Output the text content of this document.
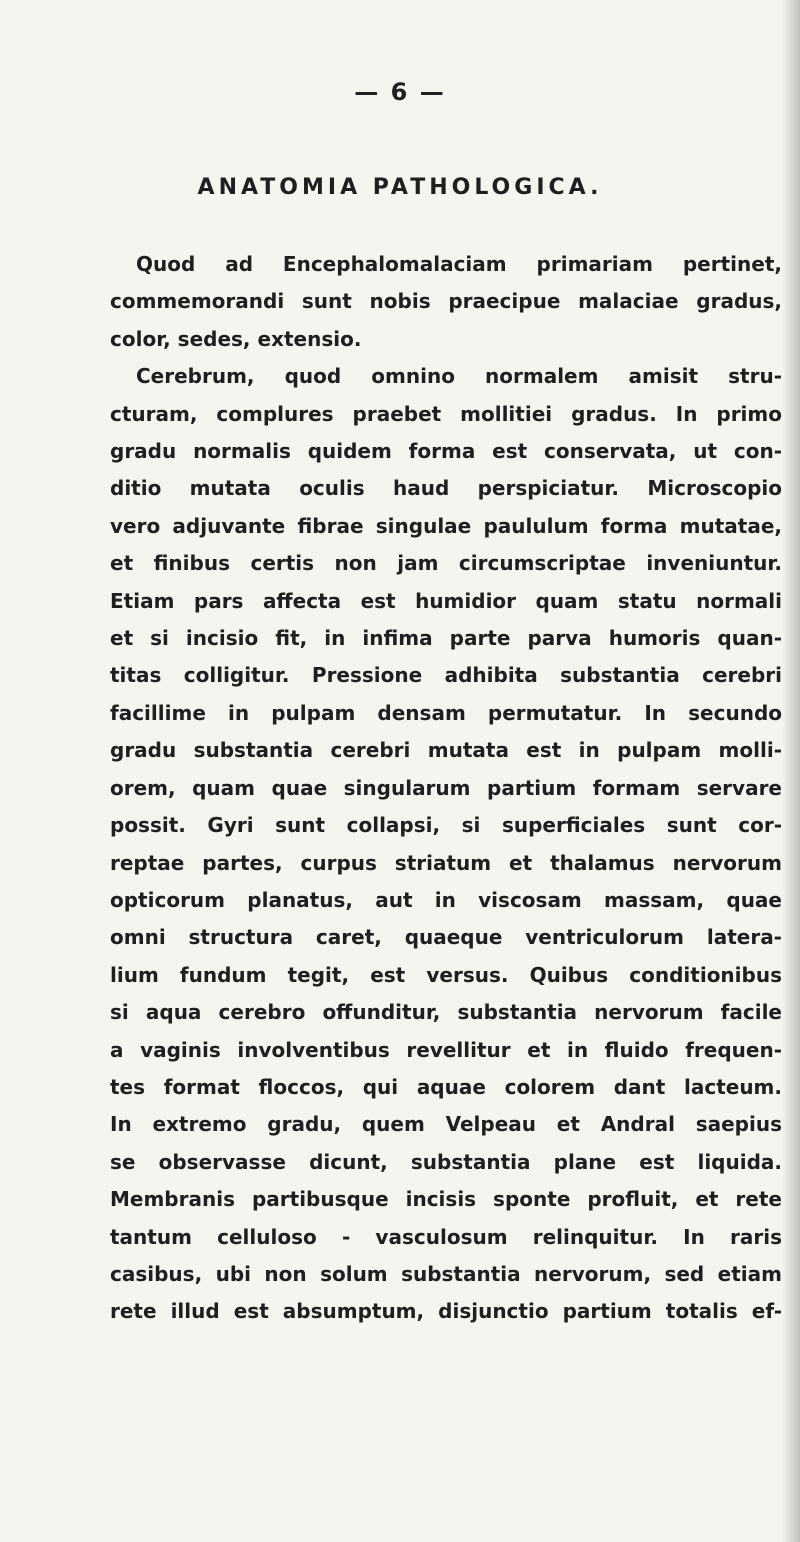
— 6 —
ANATOMIA PATHOLOGICA.
Quod ad Encephalomalaciam primariam pertinet,
commemorandi sunt nobis praecipue malaciae gradus,
color, sedes, extensio.
Cerebrum, quod omnino normalem amisit stru-
cturam, complures praebet mollitiei gradus. In primo
gradu normalis quidem forma est conservata, ut con-
ditio mutata oculis haud perspiciatur. Microscopio
vero adjuvante fibrae singulae paululum forma mutatae,
et finibus certis non jam circumscriptae inveniuntur.
Etiam pars affecta est humidior quam statu normali
et si incisio fit, in infima parte parva humoris quan-
titas colligitur. Pressione adhibita substantia cerebri
facillime in pulpam densam permutatur. In secundo
gradu substantia cerebri mutata est in pulpam molli-
orem, quam quae singularum partium formam servare
possit. Gyri sunt collapsi, si superficiales sunt cor-
reptae partes, curpus striatum et thalamus nervorum
opticorum planatus, aut in viscosam massam, quae
omni structura caret, quaeque ventriculorum latera-
lium fundum tegit, est versus. Quibus conditionibus
si aqua cerebro offunditur, substantia nervorum facile
a vaginis involventibus revellitur et in fluido frequen-
tes format floccos, qui aquae colorem dant lacteum.
In extremo gradu, quem Velpeau et Andral saepius
se observasse dicunt, substantia plane est liquida.
Membranis partibusque incisis sponte profluit, et rete
tantum celluloso - vasculosum relinquitur. In raris
casibus, ubi non solum substantia nervorum, sed etiam
rete illud est absumptum, disjunctio partium totalis ef-
